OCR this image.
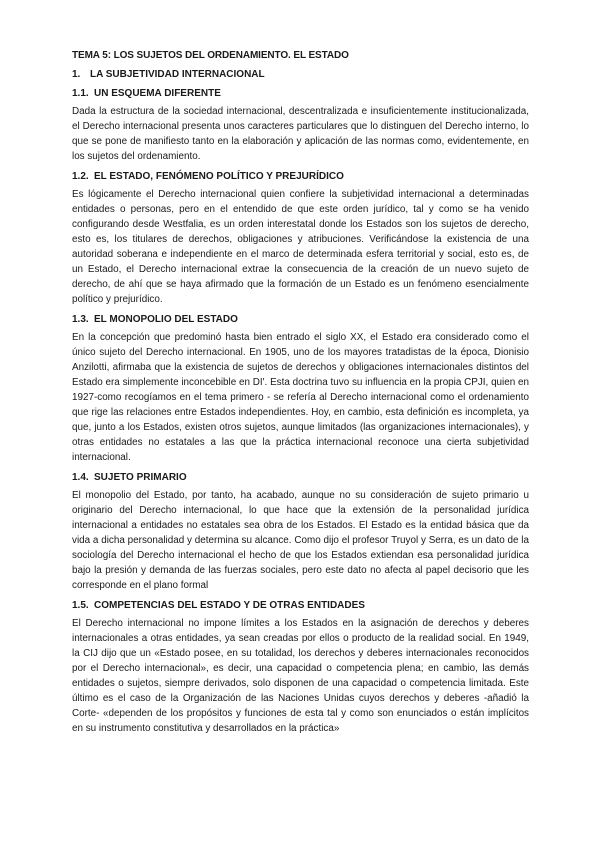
TEMA 5: LOS SUJETOS DEL ORDENAMIENTO. EL ESTADO
1. LA SUBJETIVIDAD INTERNACIONAL
1.1. UN ESQUEMA DIFERENTE

Dada la estructura de la sociedad internacional, descentralizada e insuficientemente institucionalizada, el Derecho internacional presenta unos caracteres particulares que lo distinguen del Derecho interno, lo que se pone de manifiesto tanto en la elaboración y aplicación de las normas como, evidentemente, en los sujetos del ordenamiento.

1.2. EL ESTADO, FENÓMENO POLÍTICO Y PREJURÍDICO

Es lógicamente el Derecho internacional quien confiere la subjetividad internacional a determinadas entidades o personas, pero en el entendido de que este orden jurídico, tal y como se ha venido configurando desde Westfalia, es un orden interestatal donde los Estados son los sujetos de derecho, esto es, los titulares de derechos, obligaciones y atribuciones. Verificándose la existencia de una autoridad soberana e independiente en el marco de determinada esfera territorial y social, esto es, de un Estado, el Derecho internacional extrae la consecuencia de la creación de un nuevo sujeto de derecho, de ahí que se haya afirmado que la formación de un Estado es un fenómeno esencialmente político y prejurídico.

1.3. EL MONOPOLIO DEL ESTADO

En la concepción que predominó hasta bien entrado el siglo XX, el Estado era considerado como el único sujeto del Derecho internacional. En 1905, uno de los mayores tratadistas de la época, Dionisio Anzilotti, afirmaba que la existencia de sujetos de derechos y obligaciones internacionales distintos del Estado era simplemente inconcebible en DI'. Esta doctrina tuvo su influencia en la propia CPJI, quien en 1927-como recogíamos en el tema primero - se refería al Derecho internacional como el ordenamiento que rige las relaciones entre Estados independientes. Hoy, en cambio, esta definición es incompleta, ya que, junto a los Estados, existen otros sujetos, aunque limitados (las organizaciones internacionales), y otras entidades no estatales a las que la práctica internacional reconoce una cierta subjetividad internacional.

1.4. SUJETO PRIMARIO

El monopolio del Estado, por tanto, ha acabado, aunque no su consideración de sujeto primario u originario del Derecho internacional, lo que hace que la extensión de la personalidad jurídica internacional a entidades no estatales sea obra de los Estados. El Estado es la entidad básica que da vida a dicha personalidad y determina su alcance. Como dijo el profesor Truyol y Serra, es un dato de la sociología del Derecho internacional el hecho de que los Estados extiendan esa personalidad jurídica bajo la presión y demanda de las fuerzas sociales, pero este dato no afecta al papel decisorio que les corresponde en el plano formal

1.5. COMPETENCIAS DEL ESTADO Y DE OTRAS ENTIDADES

El Derecho internacional no impone límites a los Estados en la asignación de derechos y deberes internacionales a otras entidades, ya sean creadas por ellos o producto de la realidad social. En 1949, la CIJ dijo que un «Estado posee, en su totalidad, los derechos y deberes internacionales reconocidos por el Derecho internacional», es decir, una capacidad o competencia plena; en cambio, las demás entidades o sujetos, siempre derivados, solo disponen de una capacidad o competencia limitada. Este último es el caso de la Organización de las Naciones Unidas cuyos derechos y deberes -añadió la Corte- «dependen de los propósitos y funciones de esta tal y como son enunciados o están implícitos en su instrumento constitutiva y desarrollados en la práctica»
